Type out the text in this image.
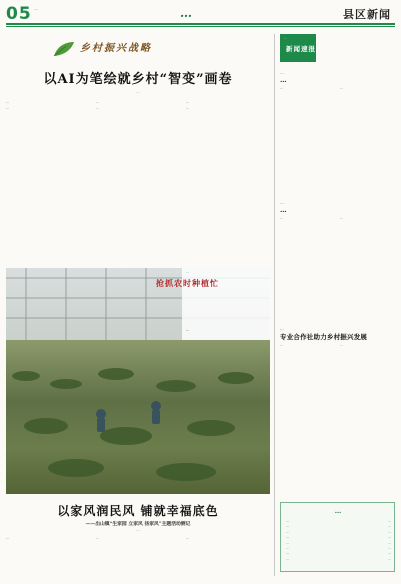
05 …	…	县区新闻
乡村振兴战略
以AI为笔绘就乡村“智变”画卷
…

…

…

…

…

…

…

抢抓农时种植忙
…
…
以家风润民风 铺就幸福底色
——出山镇“生家园 立家风 扬家风”主题活动侧记
…

…	…	…

…
新闻速报
…
…

…	…

…
…

…	…

…
专业合作社助力乡村振兴发展

…	…

…
…	…
…	…
…	…
…	…
…	…
…	…
…	…
…	…
